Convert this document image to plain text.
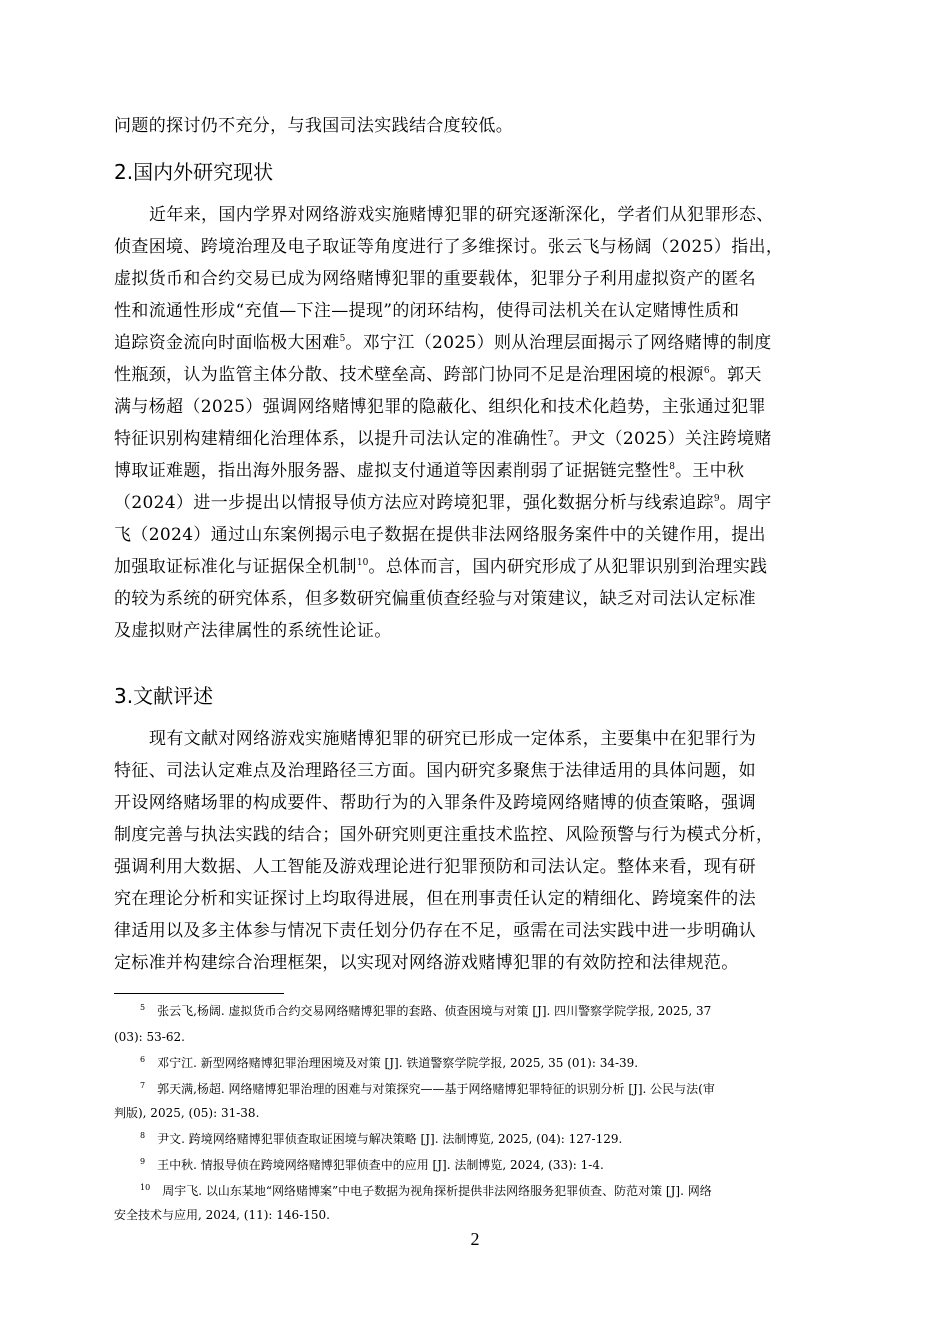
问题的探讨仍不充分，与我国司法实践结合度较低。
2.国内外研究现状
近年来，国内学界对网络游戏实施赌博犯罪的研究逐渐深化，学者们从犯罪形态、
侦查困境、跨境治理及电子取证等角度进行了多维探讨。张云飞与杨阔（2025）指出，
虚拟货币和合约交易已成为网络赌博犯罪的重要载体，犯罪分子利用虚拟资产的匿名
性和流通性形成“充值—下注—提现”的闭环结构，使得司法机关在认定赌博性质和
追踪资金流向时面临极大困难$^5$。邓宁江（2025）则从治理层面揭示了网络赌博的制度
性瓶颈，认为监管主体分散、技术壁垒高、跨部门协同不足是治理困境的根源$^6$。郭天
满与杨超（2025）强调网络赌博犯罪的隐蔽化、组织化和技术化趋势，主张通过犯罪
特征识别构建精细化治理体系，以提升司法认定的准确性$^7$。尹文（2025）关注跨境赌
博取证难题，指出海外服务器、虚拟支付通道等因素削弱了证据链完整性$^8$。王中秋
（2024）进一步提出以情报导侦方法应对跨境犯罪，强化数据分析与线索追踪$^9$。周宇
飞（2024）通过山东案例揭示电子数据在提供非法网络服务案件中的关键作用，提出
加强取证标准化与证据保全机制$^{10}$。总体而言，国内研究形成了从犯罪识别到治理实践
的较为系统的研究体系，但多数研究偏重侦查经验与对策建议，缺乏对司法认定标准
及虚拟财产法律属性的系统性论证。
3.文献评述
现有文献对网络游戏实施赌博犯罪的研究已形成一定体系，主要集中在犯罪行为
特征、司法认定难点及治理路径三方面。国内研究多聚焦于法律适用的具体问题，如
开设网络赌场罪的构成要件、帮助行为的入罪条件及跨境网络赌博的侦查策略，强调
制度完善与执法实践的结合；国外研究则更注重技术监控、风险预警与行为模式分析，
强调利用大数据、人工智能及游戏理论进行犯罪预防和司法认定。整体来看，现有研
究在理论分析和实证探讨上均取得进展，但在刑事责任认定的精细化、跨境案件的法
律适用以及多主体参与情况下责任划分仍存在不足，亟需在司法实践中进一步明确认
定标准并构建综合治理框架，以实现对网络游戏赌博犯罪的有效防控和法律规范。
$^5$  张云飞,杨阔. 虚拟货币合约交易网络赌博犯罪的套路、侦查困境与对策 [J]. 四川警察学院学报, 2025, 37
(03): 53-62.
$^6$  邓宁江. 新型网络赌博犯罪治理困境及对策 [J]. 铁道警察学院学报, 2025, 35 (01): 34-39.
$^7$  郭天满,杨超. 网络赌博犯罪治理的困难与对策探究——基于网络赌博犯罪特征的识别分析 [J]. 公民与法(审
判版), 2025, (05): 31-38.
$^8$  尹文. 跨境网络赌博犯罪侦查取证困境与解决策略 [J]. 法制博览, 2025, (04): 127-129.
$^9$  王中秋. 情报导侦在跨境网络赌博犯罪侦查中的应用 [J]. 法制博览, 2024, (33): 1-4.
$^{10}$  周宇飞. 以山东某地“网络赌博案”中电子数据为视角探析提供非法网络服务犯罪侦查、防范对策 [J]. 网络
安全技术与应用, 2024, (11): 146-150.
2
